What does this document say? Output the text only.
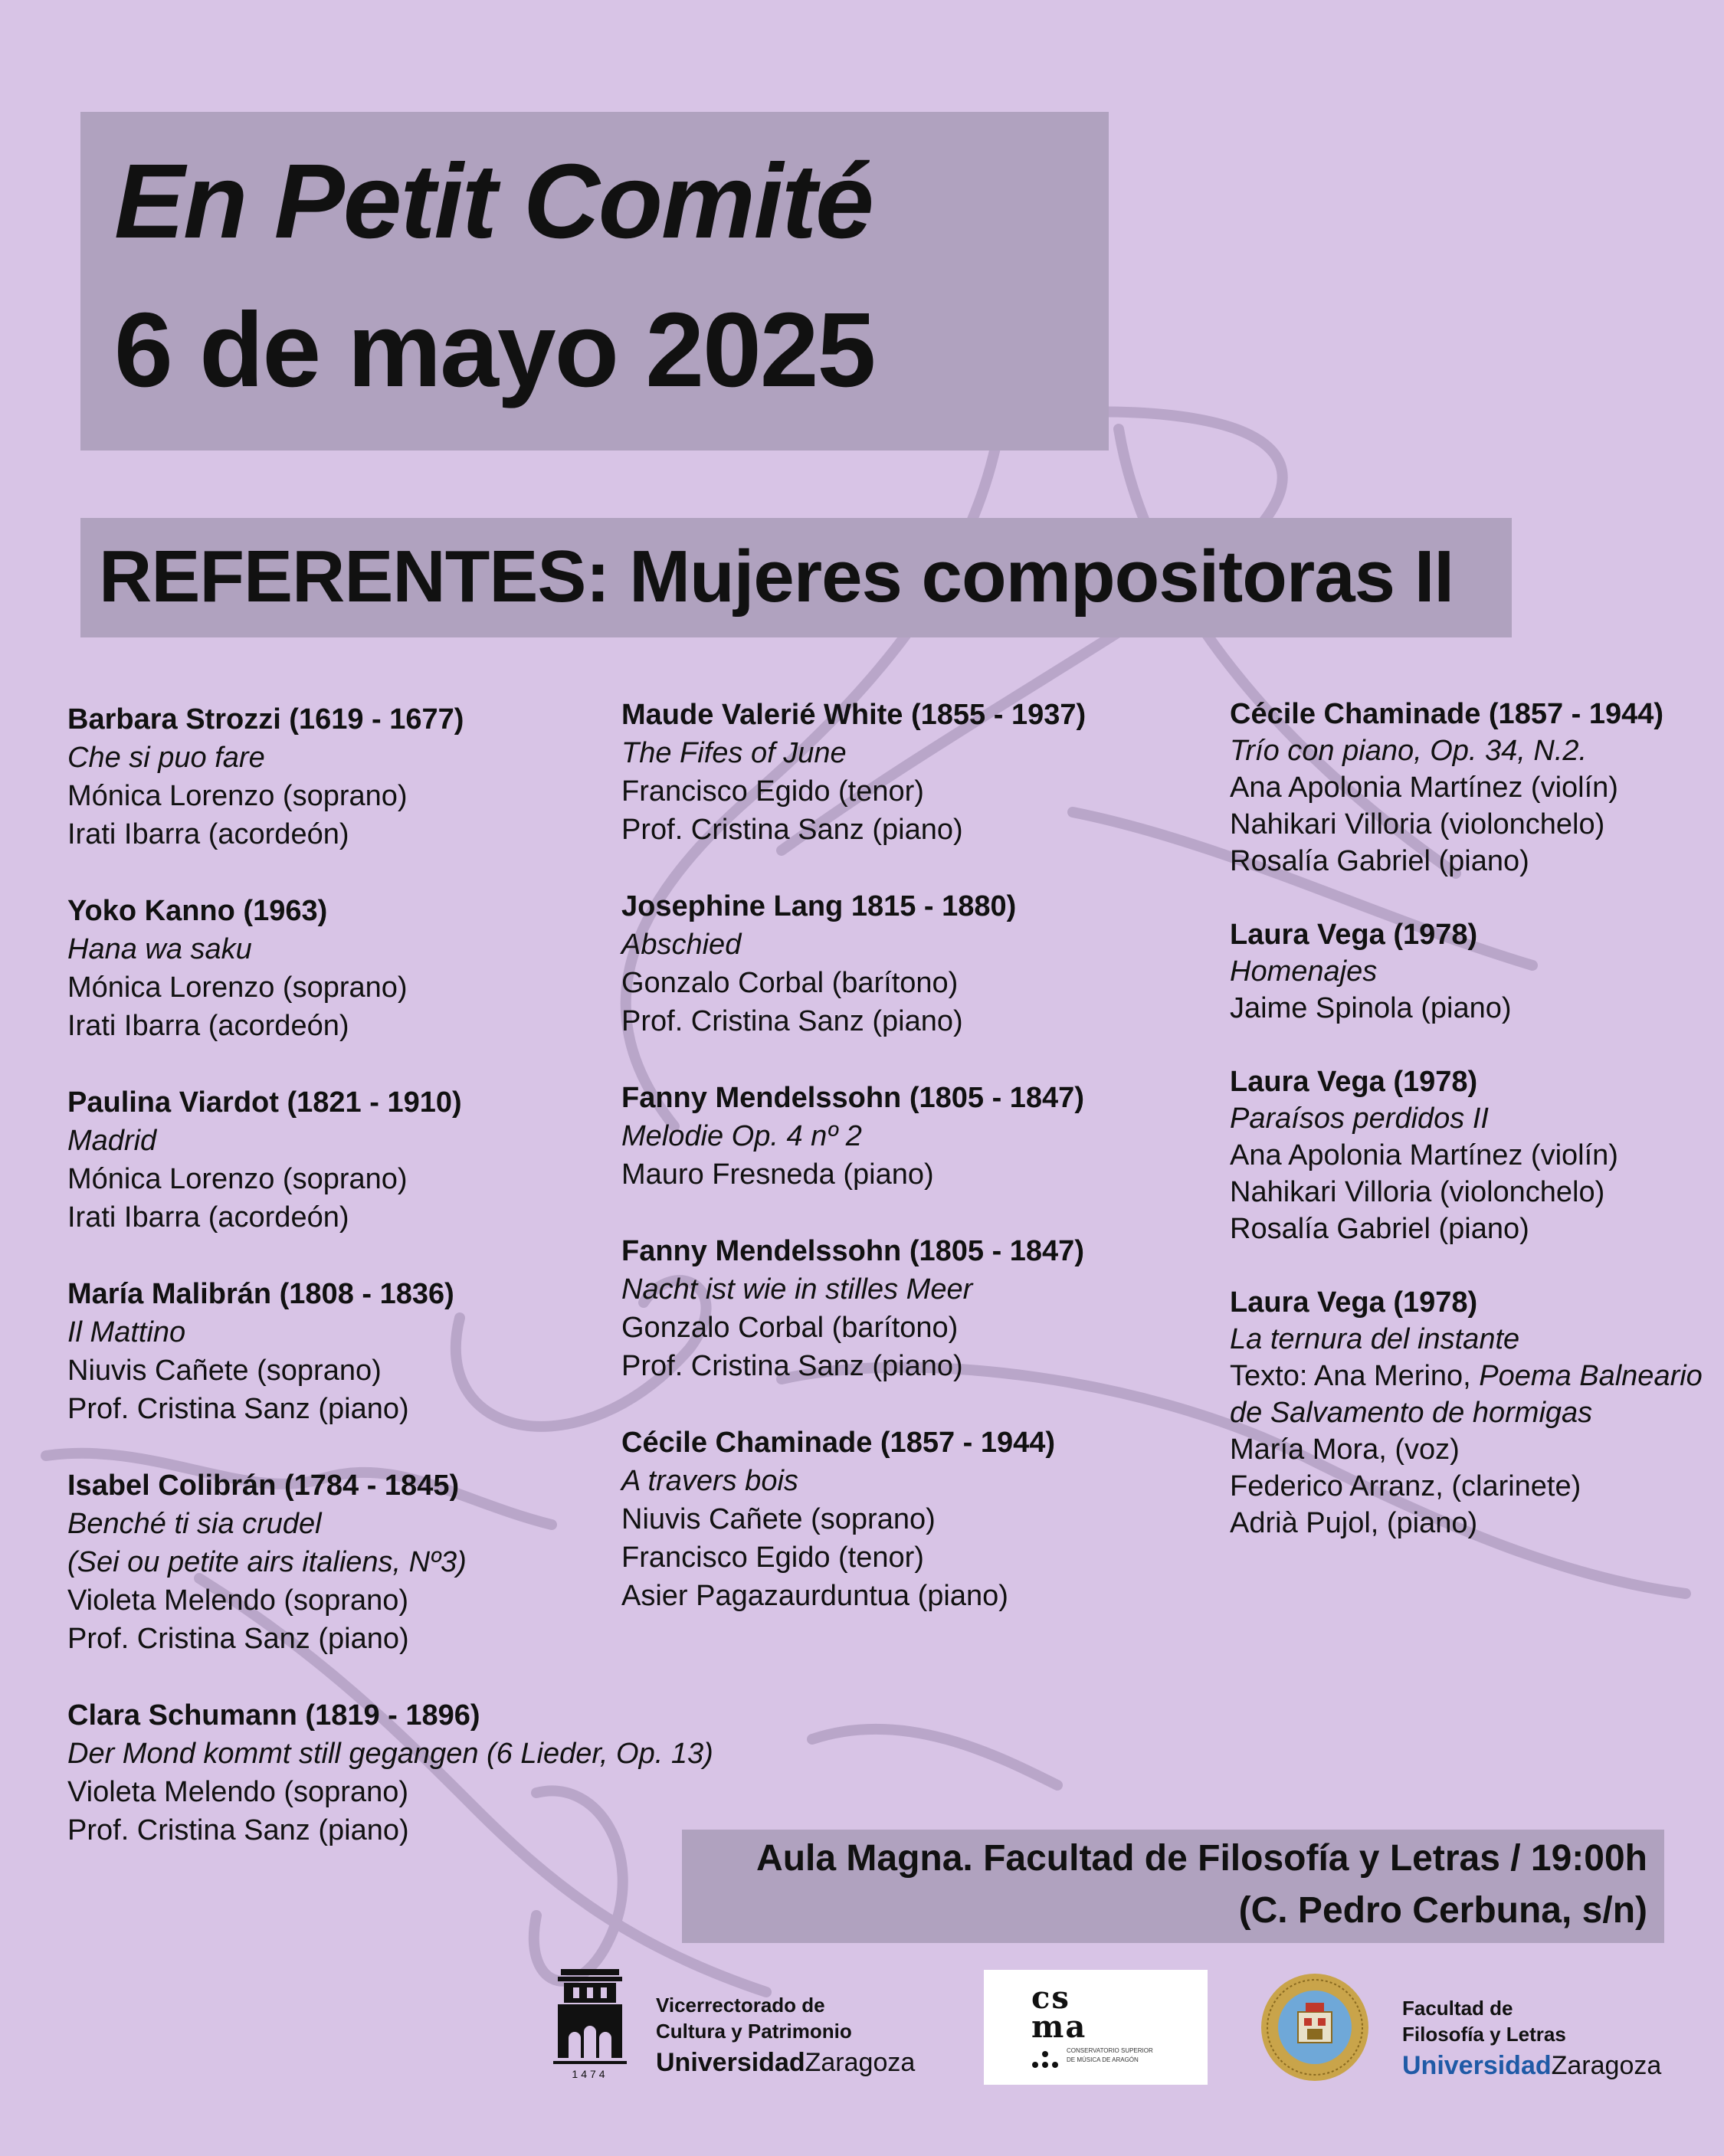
En Petit Comité
6 de mayo 2025
REFERENTES: Mujeres compositoras II
Barbara Strozzi (1619 - 1677)
Che si puo fare
Mónica Lorenzo (soprano)
Irati Ibarra (acordeón)
Yoko Kanno (1963)
Hana wa saku
Mónica Lorenzo (soprano)
Irati Ibarra (acordeón)
Paulina Viardot (1821 - 1910)
Madrid
Mónica Lorenzo (soprano)
Irati Ibarra (acordeón)
María Malibrán (1808 - 1836)
Il Mattino
Niuvis Cañete (soprano)
Prof. Cristina Sanz (piano)
Isabel Colibrán (1784 - 1845)
Benché ti sia crudel
(Sei ou petite airs italiens, Nº3)
Violeta Melendo (soprano)
Prof. Cristina Sanz (piano)
Clara Schumann (1819 - 1896)
Der Mond kommt still gegangen (6 Lieder, Op. 13)
Violeta Melendo (soprano)
Prof. Cristina Sanz (piano)
Maude Valerié White (1855 - 1937)
The Fifes of June
Francisco Egido (tenor)
Prof. Cristina Sanz (piano)
Josephine Lang 1815 - 1880)
Abschied
Gonzalo Corbal (barítono)
Prof. Cristina Sanz (piano)
Fanny Mendelssohn (1805 - 1847)
Melodie Op. 4 nº 2
Mauro Fresneda (piano)
Fanny Mendelssohn (1805 - 1847)
Nacht ist wie in stilles Meer
Gonzalo Corbal (barítono)
Prof. Cristina Sanz (piano)
Cécile Chaminade (1857 - 1944)
A travers bois
Niuvis Cañete (soprano)
Francisco Egido (tenor)
Asier Pagazaurduntua (piano)
Cécile Chaminade (1857 - 1944)
Trío con piano, Op. 34, N.2.
Ana Apolonia Martínez (violín)
Nahikari Villoria (violonchelo)
Rosalía Gabriel (piano)
Laura Vega (1978)
Homenajes
Jaime Spinola (piano)
Laura Vega (1978)
Paraísos perdidos II
Ana Apolonia Martínez (violín)
Nahikari Villoria (violonchelo)
Rosalía Gabriel (piano)
Laura Vega (1978)
La ternura del instante
Texto: Ana Merino, Poema Balneario
de Salvamento de hormigas
María Mora, (voz)
Federico Arranz, (clarinete)
Adrià Pujol, (piano)
Aula Magna. Facultad de Filosofía y Letras / 19:00h
(C. Pedro Cerbuna, s/n)
1474
Vicerrectorado de
Cultura y Patrimonio
UniversidadZaragoza
cs
ma
CONSERVATORIO SUPERIOR
DE MÚSICA DE ARAGÓN
Facultad de
Filosofía y Letras
UniversidadZaragoza
